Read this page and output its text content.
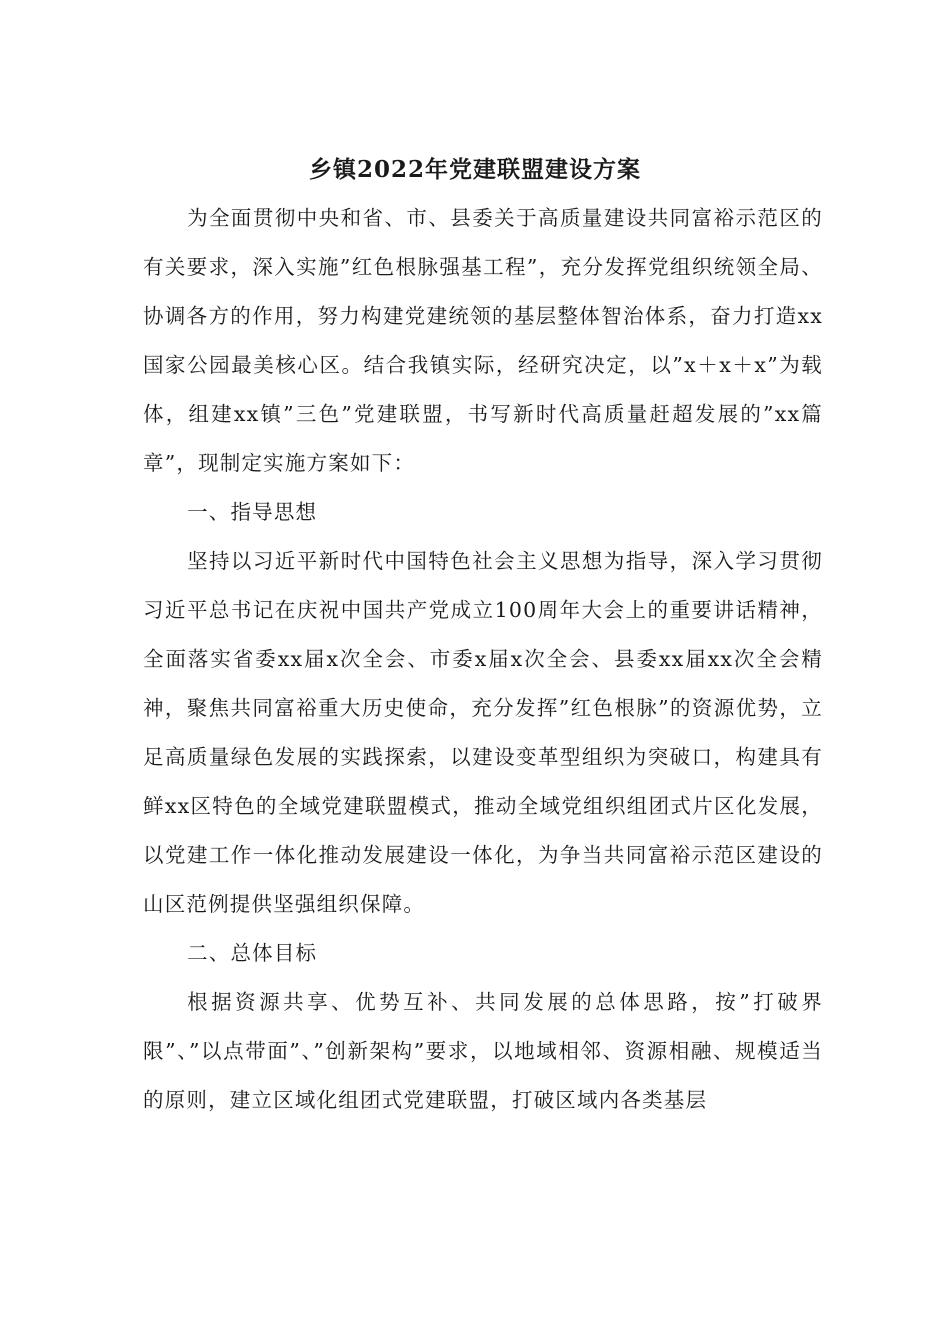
乡镇2022年党建联盟建设方案

为全面贯彻中央和省、市、县委关于高质量建设共同富裕示范区的有关要求，深入实施”红色根脉强基工程”，充分发挥党组织统领全局、协调各方的作用，努力构建党建统领的基层整体智治体系，奋力打造xx国家公园最美核心区。结合我镇实际，经研究决定，以”x＋x＋x”为载体，组建xx镇”三色”党建联盟，书写新时代高质量赶超发展的”xx篇章”，现制定实施方案如下：

一、指导思想

坚持以习近平新时代中国特色社会主义思想为指导，深入学习贯彻习近平总书记在庆祝中国共产党成立100周年大会上的重要讲话精神，全面落实省委xx届x次全会、市委x届x次全会、县委xx届xx次全会精神，聚焦共同富裕重大历史使命，充分发挥”红色根脉”的资源优势，立足高质量绿色发展的实践探索，以建设变革型组织为突破口，构建具有鲜xx区特色的全域党建联盟模式，推动全域党组织组团式片区化发展，以党建工作一体化推动发展建设一体化，为争当共同富裕示范区建设的山区范例提供坚强组织保障。

二、总体目标

根据资源共享、优势互补、共同发展的总体思路，按”打破界限”、”以点带面”、”创新架构”要求，以地域相邻、资源相融、规模适当的原则，建立区域化组团式党建联盟，打破区域内各类基层
